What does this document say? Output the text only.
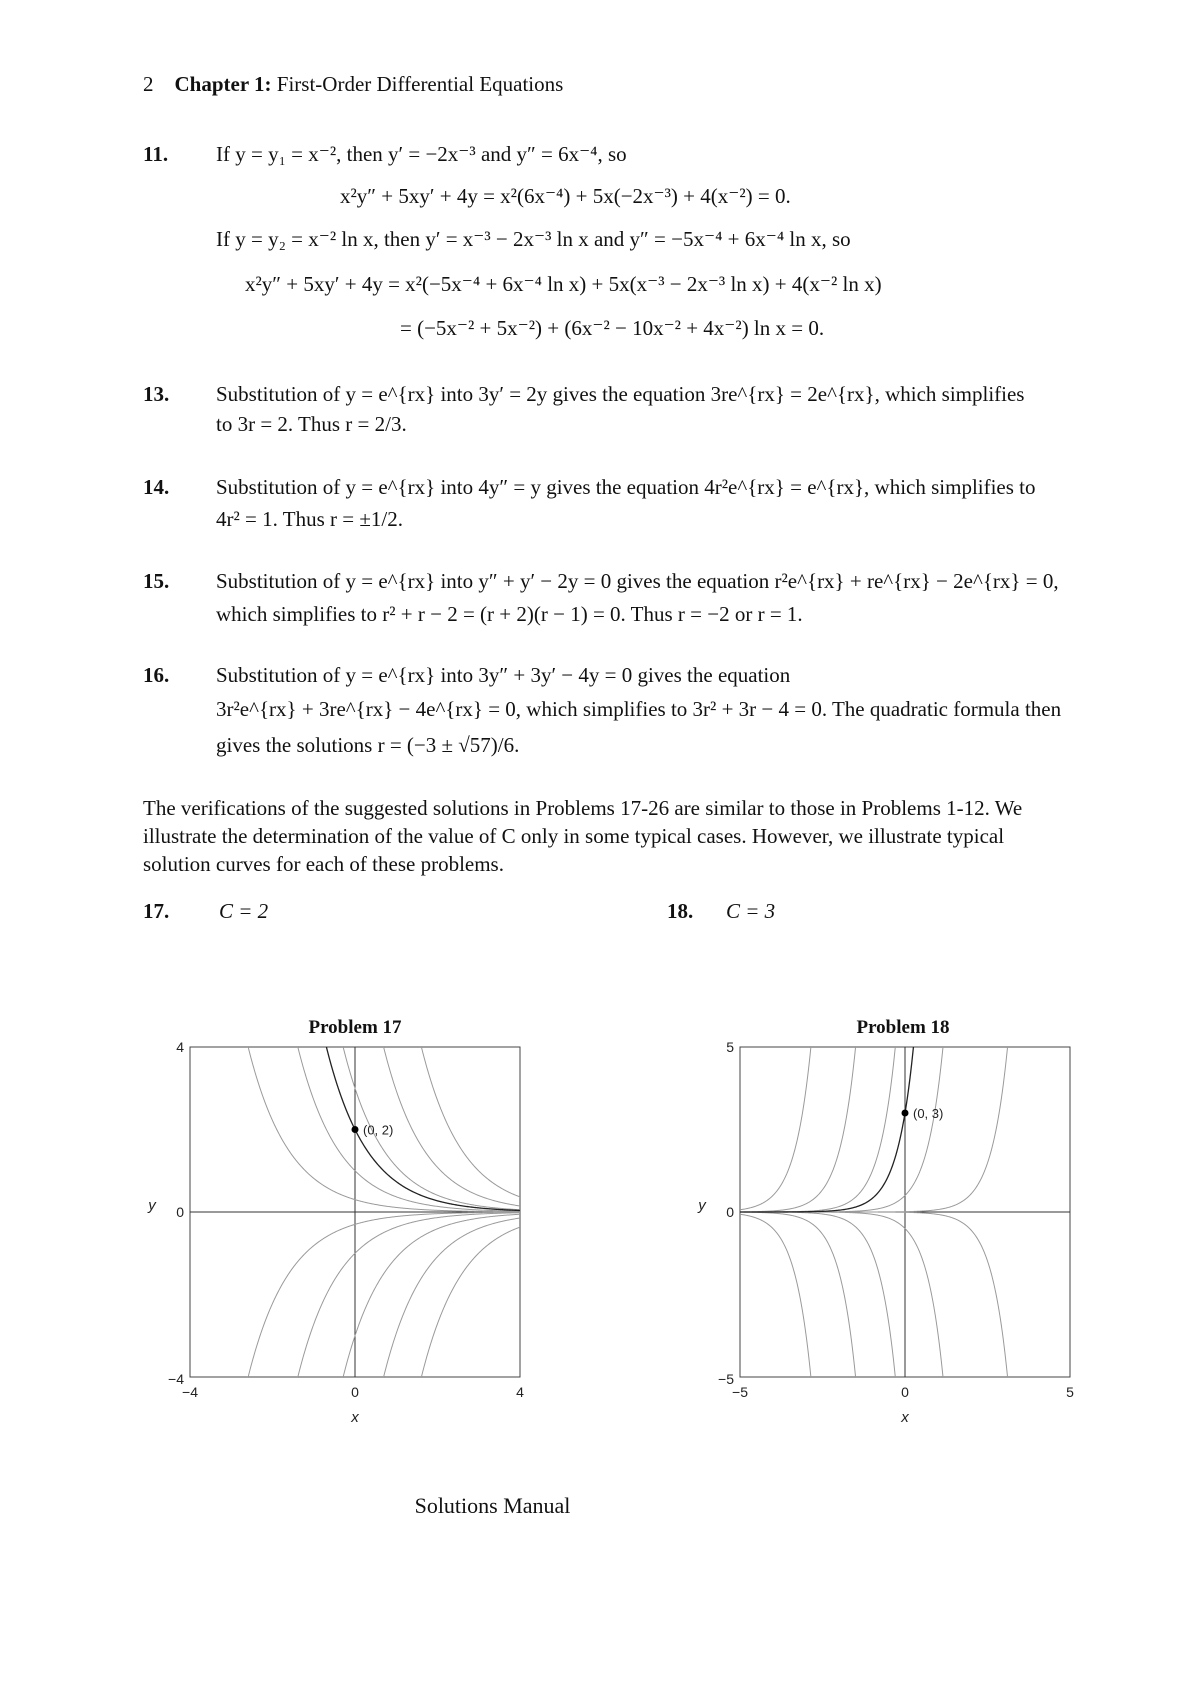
2 Chapter 1: First-Order Differential Equations
11. If y = y₁ = x⁻², then y′ = −2x⁻³ and y″ = 6x⁻⁴, so
x²y″ + 5xy′ + 4y = x²(6x⁻⁴) + 5x(−2x⁻³) + 4(x⁻²) = 0.
If y = y₂ = x⁻² ln x, then y′ = x⁻³ − 2x⁻³ ln x and y″ = −5x⁻⁴ + 6x⁻⁴ ln x, so
x²y″ + 5xy′ + 4y = x²(−5x⁻⁴ + 6x⁻⁴ ln x) + 5x(x⁻³ − 2x⁻³ ln x) + 4(x⁻² ln x)
= (−5x⁻² + 5x⁻²) + (6x⁻² − 10x⁻² + 4x⁻²) ln x = 0.
13. Substitution of y = e^{rx} into 3y′ = 2y gives the equation 3re^{rx} = 2e^{rx}, which simplifies
to 3r = 2. Thus r = 2/3.
14. Substitution of y = e^{rx} into 4y″ = y gives the equation 4r²e^{rx} = e^{rx}, which simplifies to
4r² = 1. Thus r = ±1/2.
15. Substitution of y = e^{rx} into y″ + y′ − 2y = 0 gives the equation r²e^{rx} + re^{rx} − 2e^{rx} = 0,
which simplifies to r² + r − 2 = (r + 2)(r − 1) = 0. Thus r = −2 or r = 1.
16. Substitution of y = e^{rx} into 3y″ + 3y′ − 4y = 0 gives the equation
3r²e^{rx} + 3re^{rx} − 4e^{rx} = 0, which simplifies to 3r² + 3r − 4 = 0. The quadratic formula then
gives the solutions r = (−3 ± √57)/6.
The verifications of the suggested solutions in Problems 17-26 are similar to those in Problems 1-12. We illustrate the determination of the value of C only in some typical cases. However, we illustrate typical solution curves for each of these problems.
17. C = 2	18. C = 3
Problem 17
(0, 2)
−4	0	4
−4
0
4
x
y
Problem 18
(0, 3)
−5	0	5
−5
0
5
x
y
Solutions Manual
